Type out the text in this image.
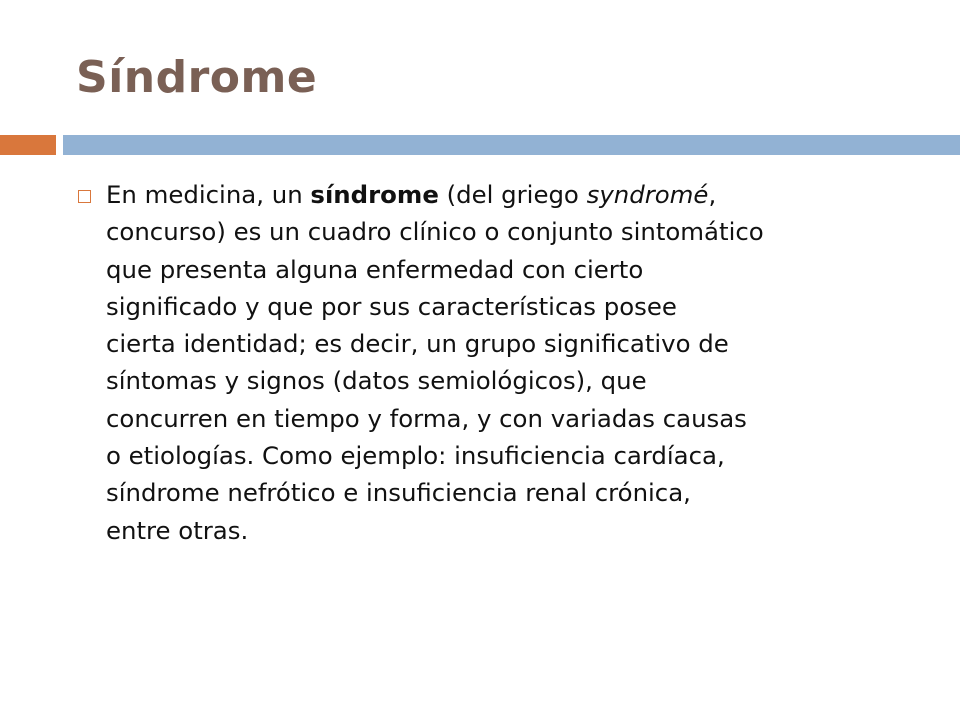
Síndrome
En medicina, un síndrome (del griego syndromé,
concurso) es un cuadro clínico o conjunto sintomático
que presenta alguna enfermedad con cierto
significado y que por sus características posee
cierta identidad; es decir, un grupo significativo de
síntomas y signos (datos semiológicos), que
concurren en tiempo y forma, y con variadas causas
o etiologías. Como ejemplo: insuficiencia cardíaca,
síndrome nefrótico e insuficiencia renal crónica,
entre otras.
